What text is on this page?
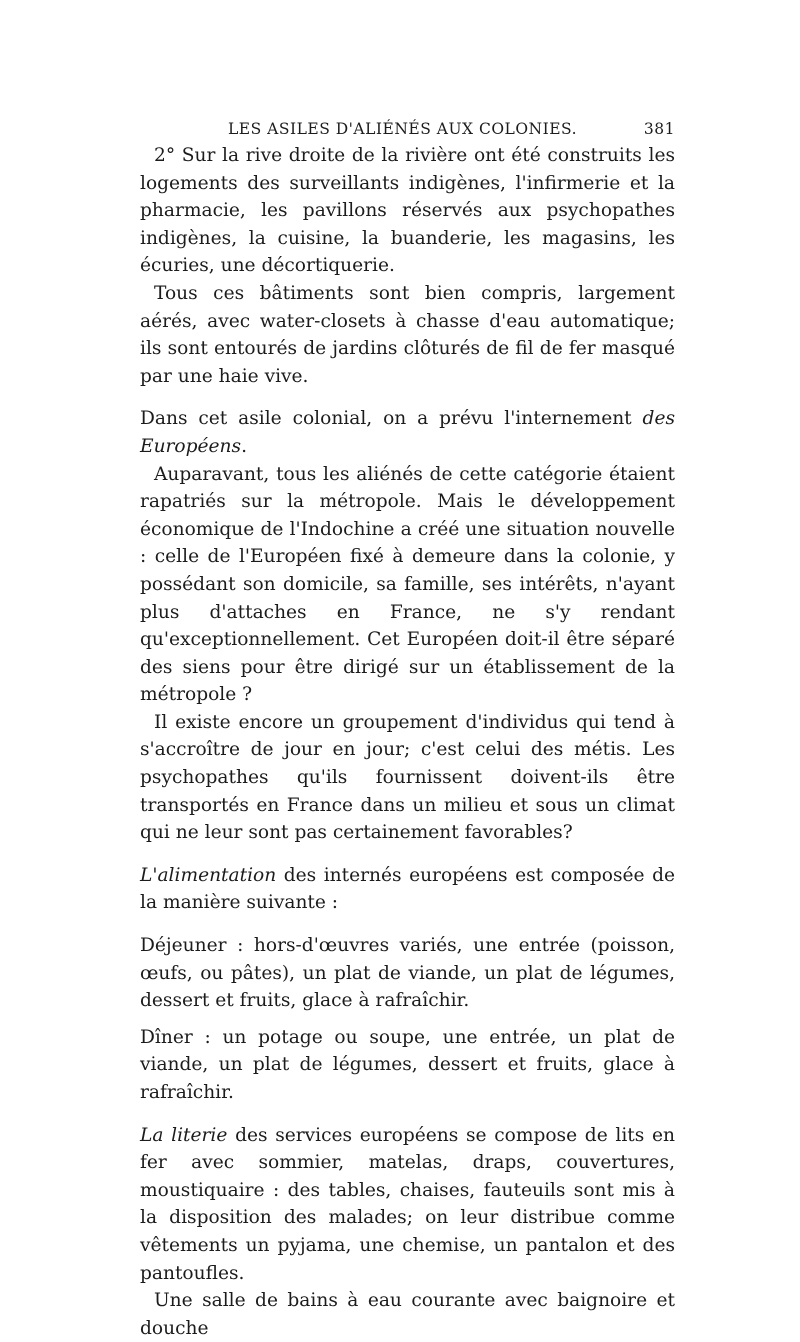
LES ASILES D'ALIÉNÉS AUX COLONIES.	381

2° Sur la rive droite de la rivière ont été construits les logements des surveillants indigènes, l'infirmerie et la pharmacie, les pavillons réservés aux psychopathes indigènes, la cuisine, la buanderie, les magasins, les écuries, une décortiquerie.

Tous ces bâtiments sont bien compris, largement aérés, avec water-closets à chasse d'eau automatique; ils sont entourés de jardins clôturés de fil de fer masqué par une haie vive.

Dans cet asile colonial, on a prévu l'internement des Européens.

Auparavant, tous les aliénés de cette catégorie étaient rapatriés sur la métropole. Mais le développement économique de l'Indochine a créé une situation nouvelle : celle de l'Européen fixé à demeure dans la colonie, y possédant son domicile, sa famille, ses intérêts, n'ayant plus d'attaches en France, ne s'y rendant qu'exceptionnellement. Cet Européen doit-il être séparé des siens pour être dirigé sur un établissement de la métropole ?

Il existe encore un groupement d'individus qui tend à s'accroître de jour en jour; c'est celui des métis. Les psychopathes qu'ils fournissent doivent-ils être transportés en France dans un milieu et sous un climat qui ne leur sont pas certainement favorables?

L'alimentation des internés européens est composée de la manière suivante :

Déjeuner : hors-d'œuvres variés, une entrée (poisson, œufs, ou pâtes), un plat de viande, un plat de légumes, dessert et fruits, glace à rafraîchir.

Dîner : un potage ou soupe, une entrée, un plat de viande, un plat de légumes, dessert et fruits, glace à rafraîchir.

La literie des services européens se compose de lits en fer avec sommier, matelas, draps, couvertures, moustiquaire : des tables, chaises, fauteuils sont mis à la disposition des malades; on leur distribue comme vêtements un pyjama, une chemise, un pantalon et des pantoufles.

Une salle de bains à eau courante avec baignoire et douche
